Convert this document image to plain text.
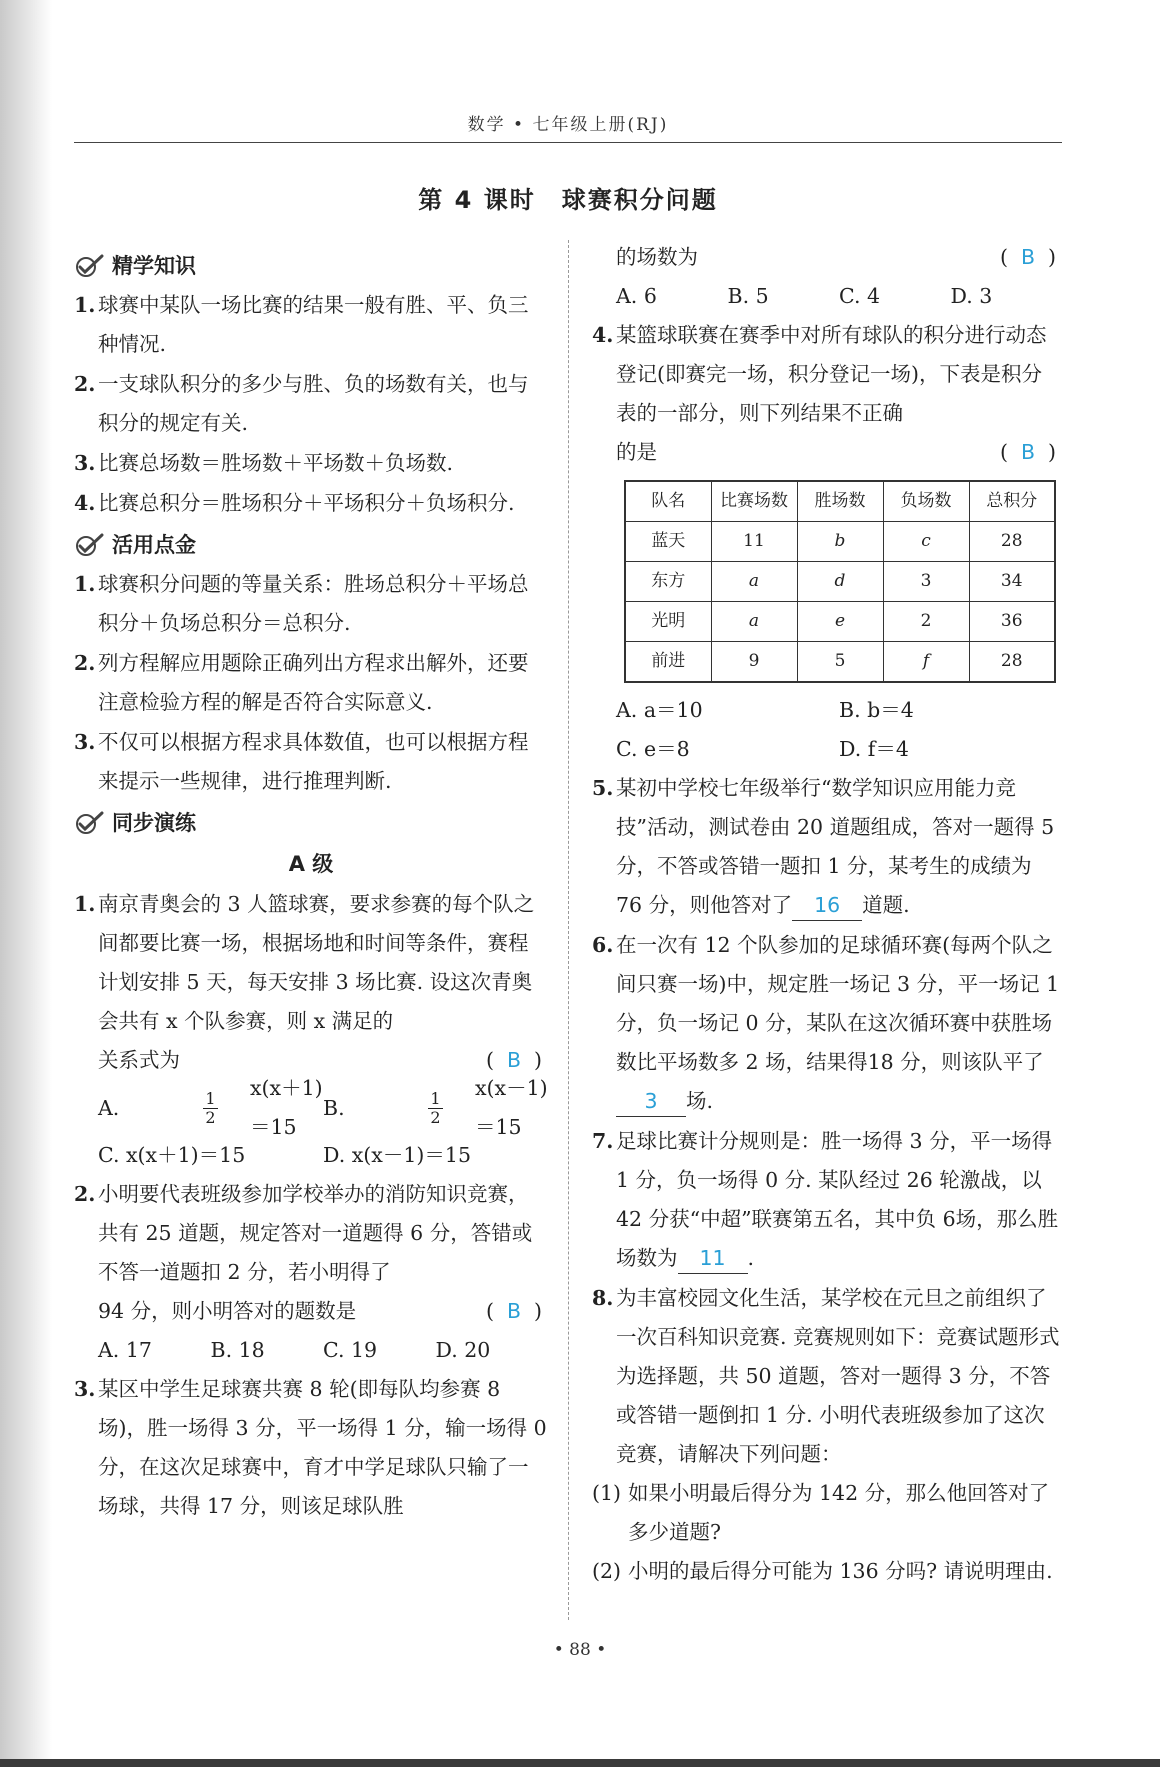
数学 • 七年级上册(RJ)
第 4 课时　球赛积分问题
精学知识
1. 球赛中某队一场比赛的结果一般有胜、平、负三种情况.
2. 一支球队积分的多少与胜、负的场数有关，也与积分的规定有关.
3. 比赛总场数＝胜场数＋平场数＋负场数.
4. 比赛总积分＝胜场积分＋平场积分＋负场积分.
活用点金
1. 球赛积分问题的等量关系：胜场总积分＋平场总积分＋负场总积分＝总积分.
2. 列方程解应用题除正确列出方程求出解外，还要注意检验方程的解是否符合实际意义.
3. 不仅可以根据方程求具体数值，也可以根据方程来提示一些规律，进行推理判断.
同步演练
A 级
1. 南京青奥会的 3 人篮球赛，要求参赛的每个队之间都要比赛一场，根据场地和时间等条件，赛程计划安排 5 天，每天安排 3 场比赛. 设这次青奥会共有 x 个队参赛，则 x 满足的
关系式为	( B )
A.	$\frac{1}{2}$
x(x＋1)＝15
B.	$\frac{1}{2}$
x(x－1)＝15
C. x(x＋1)＝15	D. x(x－1)＝15
2. 小明要代表班级参加学校举办的消防知识竞赛，共有 25 道题，规定答对一道题得 6 分，答错或不答一道题扣 2 分，若小明得了
94 分，则小明答对的题数是	( B )
A. 17	B. 18	C. 19	D. 20
3. 某区中学生足球赛共赛 8 轮(即每队均参赛 8 场)，胜一场得 3 分，平一场得 1 分，输一场得 0 分，在这次足球赛中，育才中学足球队只输了一场球，共得 17 分，则该足球队胜
的场数为	( B )
A. 6	B. 5	C. 4	D. 3
4. 某篮球联赛在赛季中对所有球队的积分进行动态登记(即赛完一场，积分登记一场)，下表是积分表的一部分，则下列结果不正确
的是	( B )
队名	比赛场数	胜场数	负场数	总积分
蓝天	11	b	c	28
东方	a	d	3	34
光明	a	e	2	36
前进	9	5	f	28
A. a＝10	B. b＝4
C. e＝8	D. f＝4
5. 某初中学校七年级举行“数学知识应用能力竞技”活动，测试卷由 20 道题组成，答对一题得 5 分，不答或答错一题扣 1 分，某考生的成绩为 76 分，则他答对了 16 道题.
6. 在一次有 12 个队参加的足球循环赛(每两个队之间只赛一场)中，规定胜一场记 3 分，平一场记 1 分，负一场记 0 分，某队在这次循环赛中获胜场数比平场数多 2 场，结果得18 分，则该队平了3 场.
7. 足球比赛计分规则是：胜一场得 3 分，平一场得 1 分，负一场得 0 分. 某队经过 26 轮激战，以 42 分获“中超”联赛第五名，其中负 6场，那么胜场数为 11 .
8. 为丰富校园文化生活，某学校在元旦之前组织了一次百科知识竞赛. 竞赛规则如下：竞赛试题形式为选择题，共 50 道题，答对一题得 3 分，不答或答错一题倒扣 1 分. 小明代表班级参加了这次竞赛，请解决下列问题：
(1) 如果小明最后得分为 142 分，那么他回答对了多少道题?
(2) 小明的最后得分可能为 136 分吗? 请说明理由.
• 88 •
